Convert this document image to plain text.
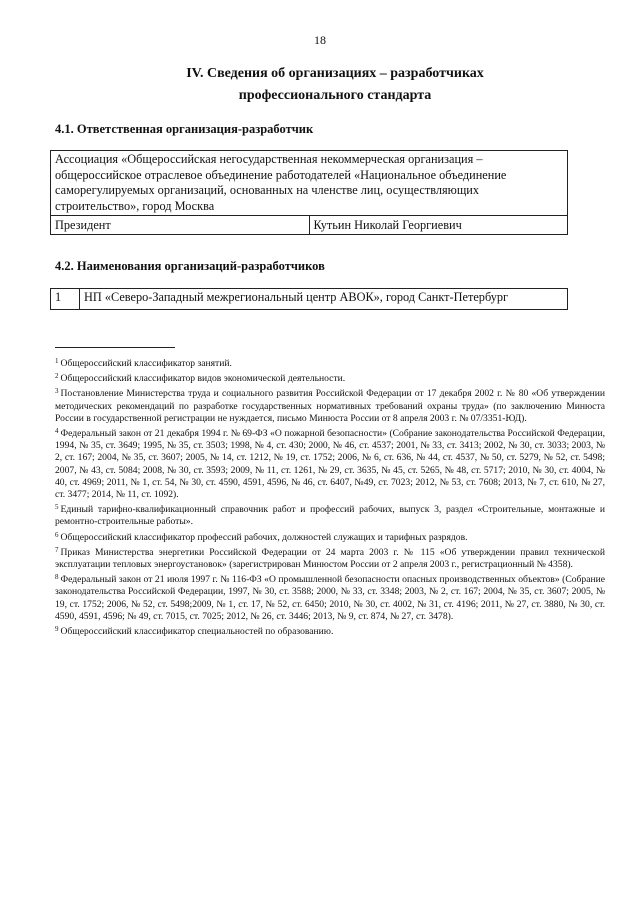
18
IV. Сведения об организациях – разработчиках
профессионального стандарта
4.1. Ответственная организация-разработчик
Ассоциация «Общероссийская негосударственная некоммерческая организация – общероссийское отраслевое объединение работодателей «Национальное объединение саморегулируемых организаций, основанных на членстве лиц, осуществляющих строительство», город Москва
Президент	Кутьин Николай Георгиевич
4.2. Наименования организаций-разработчиков
1	НП «Северо-Западный межрегиональный центр АВОК», город Санкт-Петербург

$^1$ Общероссийский классификатор занятий.

$^2$ Общероссийский классификатор видов экономической деятельности.

$^3$ Постановление Министерства труда и социального развития Российской Федерации от 17 декабря 2002 г. № 80 «Об утверждении методических рекомендаций по разработке государственных нормативных требований охраны труда» (по заключению Минюста России в государственной регистрации не нуждается, письмо Минюста России от 8 апреля 2003 г. № 07/3351-ЮД).

$^4$ Федеральный закон от 21 декабря 1994 г. № 69-ФЗ «О пожарной безопасности» (Собрание законодательства Российской Федерации, 1994, № 35, ст. 3649; 1995, № 35, ст. 3503; 1998, № 4, ст. 430; 2000, № 46, ст. 4537; 2001, № 33, ст. 3413; 2002, № 30, ст. 3033; 2003, № 2, ст. 167; 2004, № 35, ст. 3607; 2005, № 14, ст. 1212, № 19, ст. 1752; 2006, № 6, ст. 636, № 44, ст. 4537, № 50, ст. 5279, № 52, ст. 5498; 2007, № 43, ст. 5084; 2008, № 30, ст. 3593; 2009, № 11, ст. 1261, № 29, ст. 3635, № 45, ст. 5265, № 48, ст. 5717; 2010, № 30, ст. 4004, № 40, ст. 4969; 2011, № 1, ст. 54, № 30, ст. 4590, 4591, 4596, № 46, ст. 6407, №49, ст. 7023; 2012, № 53, ст. 7608; 2013, № 7, ст. 610, № 27, ст. 3477; 2014, № 11, ст. 1092).

$^5$ Единый тарифно-квалификационный справочник работ и профессий рабочих, выпуск 3, раздел «Строительные, монтажные и ремонтно-строительные работы».

$^6$ Общероссийский классификатор профессий рабочих, должностей служащих и тарифных разрядов.

$^7$ Приказ Министерства энергетики Российской Федерации от 24 марта 2003 г. № 115 «Об утверждении правил технической эксплуатации тепловых энергоустановок» (зарегистрирован Минюстом России от 2 апреля 2003 г., регистрационный № 4358).

$^8$ Федеральный закон от 21 июля 1997 г. № 116-ФЗ «О промышленной безопасности опасных производственных объектов» (Собрание законодательства Российской Федерации, 1997, № 30, ст. 3588; 2000, № 33, ст. 3348; 2003, № 2, ст. 167; 2004, № 35, ст. 3607; 2005, № 19, ст. 1752; 2006, № 52, ст. 5498;2009, № 1, ст. 17, № 52, ст. 6450; 2010, № 30, ст. 4002, № 31, ст. 4196; 2011, № 27, ст. 3880, № 30, ст. 4590, 4591, 4596; № 49, ст. 7015, ст. 7025; 2012, № 26, ст. 3446; 2013, № 9, ст. 874, № 27, ст. 3478).

$^9$ Общероссийский классификатор специальностей по образованию.
